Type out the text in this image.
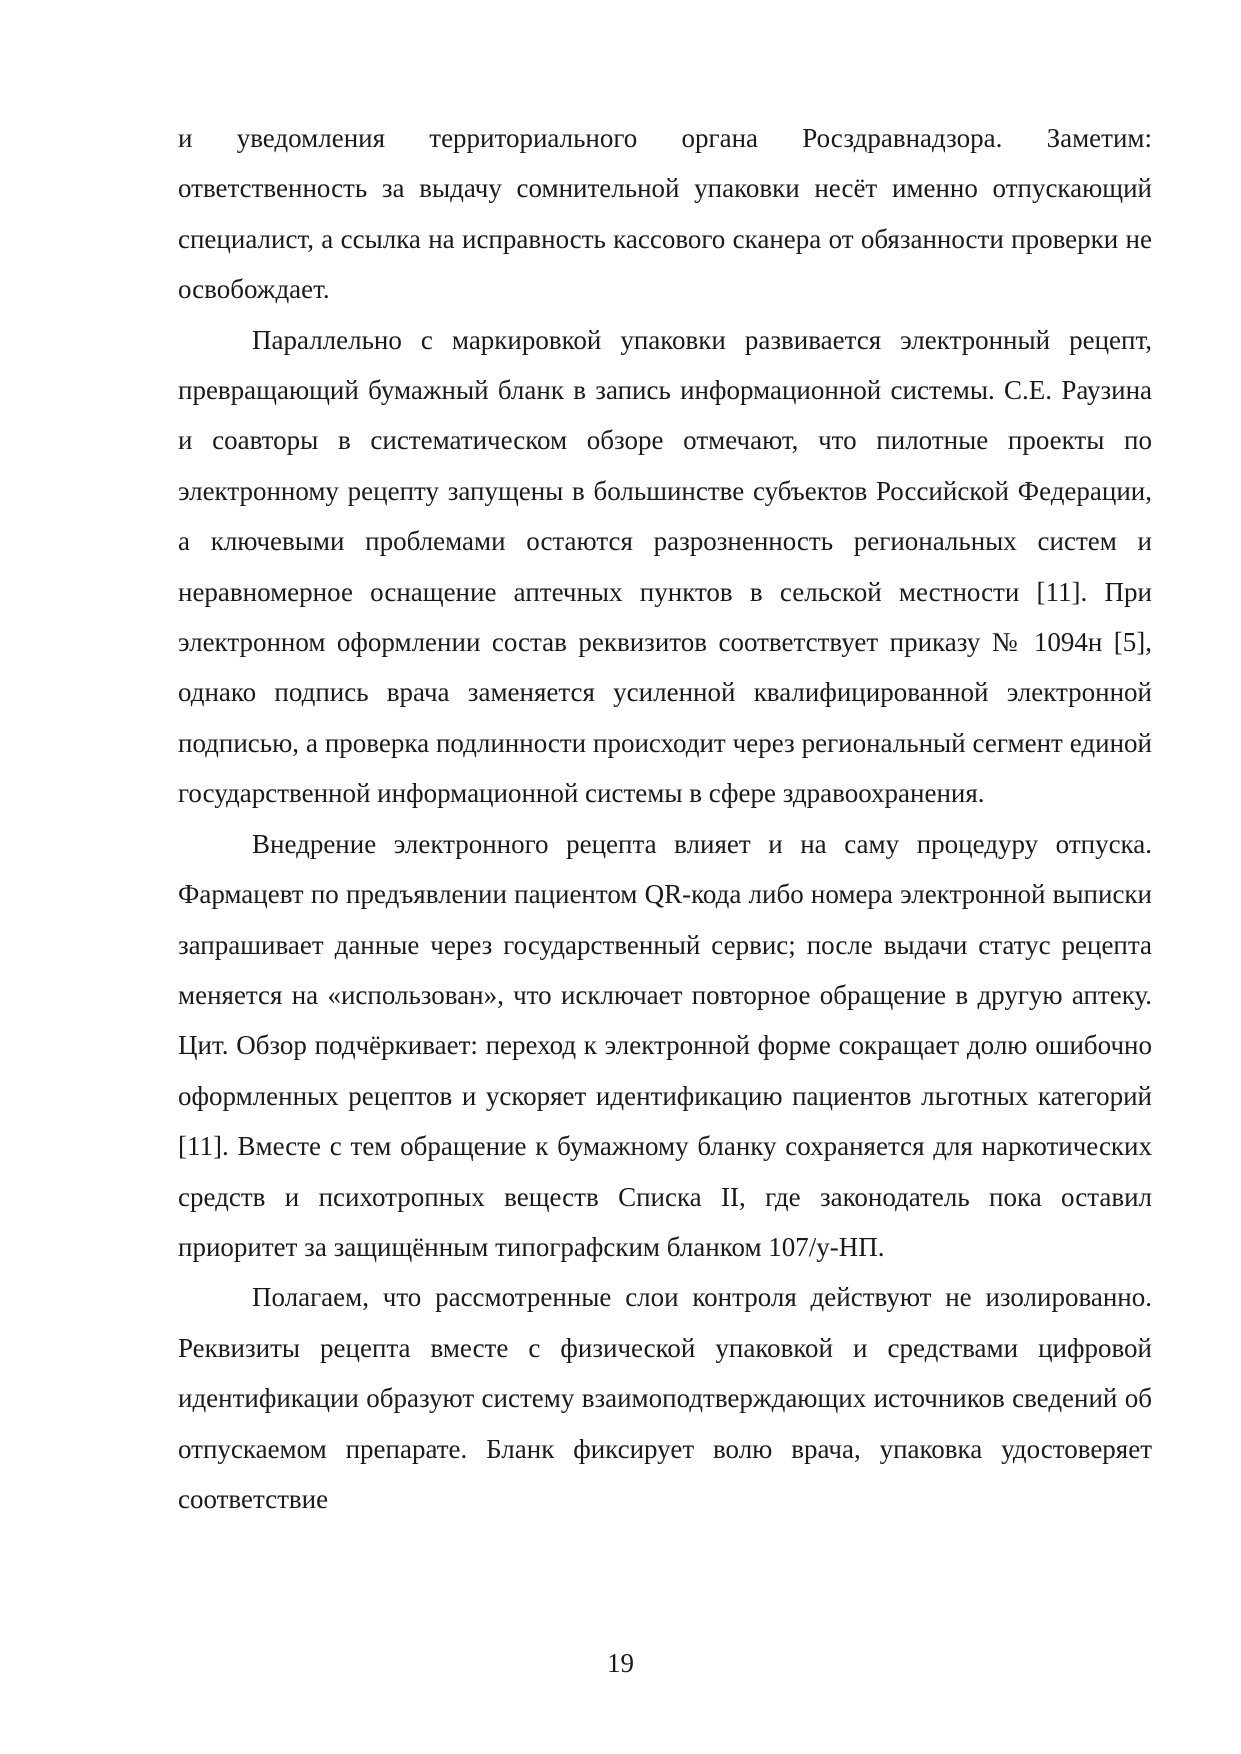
и уведомления территориального органа Росздравнадзора. Заметим: ответственность за выдачу сомнительной упаковки несёт именно отпускающий специалист, а ссылка на исправность кассового сканера от обязанности проверки не освобождает.

Параллельно с маркировкой упаковки развивается электронный рецепт, превращающий бумажный бланк в запись информационной системы. С.Е. Раузина и соавторы в систематическом обзоре отмечают, что пилотные проекты по электронному рецепту запущены в большинстве субъектов Российской Федерации, а ключевыми проблемами остаются разрозненность региональных систем и неравномерное оснащение аптечных пунктов в сельской местности [11]. При электронном оформлении состав реквизитов соответствует приказу № 1094н [5], однако подпись врача заменяется усиленной квалифицированной электронной подписью, а проверка подлинности происходит через региональный сегмент единой государственной информационной системы в сфере здравоохранения.

Внедрение электронного рецепта влияет и на саму процедуру отпуска. Фармацевт по предъявлении пациентом QR-кода либо номера электронной выписки запрашивает данные через государственный сервис; после выдачи статус рецепта меняется на «использован», что исключает повторное обращение в другую аптеку. Цит. Обзор подчёркивает: переход к электронной форме сокращает долю ошибочно оформленных рецептов и ускоряет идентификацию пациентов льготных категорий [11]. Вместе с тем обращение к бумажному бланку сохраняется для наркотических средств и психотропных веществ Списка II, где законодатель пока оставил приоритет за защищённым типографским бланком 107/у-НП.

Полагаем, что рассмотренные слои контроля действуют не изолированно. Реквизиты рецепта вместе с физической упаковкой и средствами цифровой идентификации образуют систему взаимоподтверждающих источников сведений об отпускаемом препарате. Бланк фиксирует волю врача, упаковка удостоверяет соответствие

19
